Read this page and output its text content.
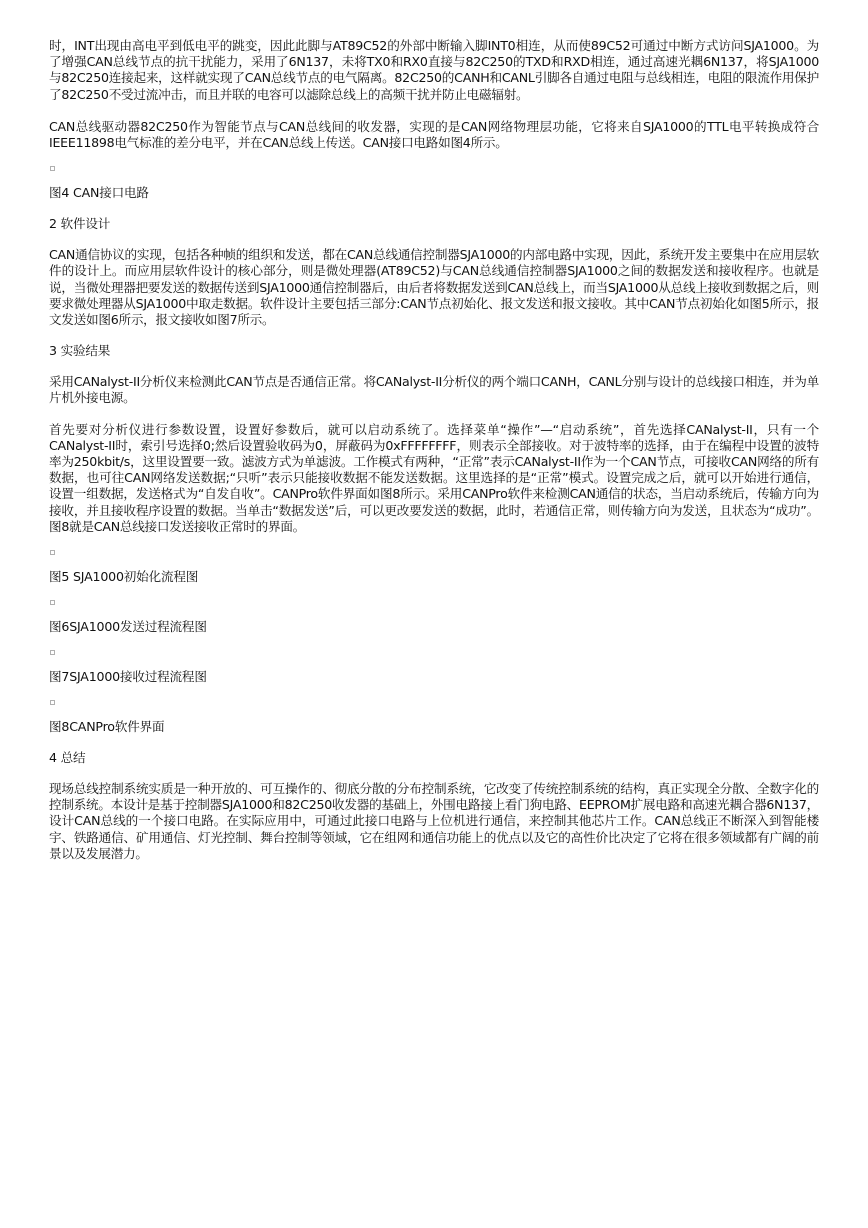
时，INT出现由高电平到低电平的跳变，因此此脚与AT89C52的外部中断输入脚INT0相连，从而使89C52可通过中断方式访问SJA1000。为了增强CAN总线节点的抗干扰能力，采用了6N137，未将TX0和RX0直接与82C250的TXD和RXD相连，通过高速光耦6N137，将SJA1000与82C250连接起来，这样就实现了CAN总线节点的电气隔离。82C250的CANH和CANL引脚各自通过电阻与总线相连，电阻的限流作用保护了82C250不受过流冲击，而且并联的电容可以滤除总线上的高频干扰并防止电磁辐射。

CAN总线驱动器82C250作为智能节点与CAN总线间的收发器，实现的是CAN网络物理层功能，它将来自SJA1000的TTL电平转换成符合IEEE11898电气标准的差分电平，并在CAN总线上传送。CAN接口电路如图4所示。

图4 CAN接口电路

2 软件设计

CAN通信协议的实现，包括各种帧的组织和发送，都在CAN总线通信控制器SJA1000的内部电路中实现，因此，系统开发主要集中在应用层软件的设计上。而应用层软件设计的核心部分，则是微处理器(AT89C52)与CAN总线通信控制器SJA1000之间的数据发送和接收程序。也就是说，当微处理器把要发送的数据传送到SJA1000通信控制器后，由后者将数据发送到CAN总线上，而当SJA1000从总线上接收到数据之后，则要求微处理器从SJA1000中取走数据。软件设计主要包括三部分:CAN节点初始化、报文发送和报文接收。其中CAN节点初始化如图5所示，报文发送如图6所示，报文接收如图7所示。

3 实验结果

采用CANalyst-II分析仪来检测此CAN节点是否通信正常。将CANalyst-II分析仪的两个端口CANH，CANL分别与设计的总线接口相连，并为单片机外接电源。

首先要对分析仪进行参数设置，设置好参数后，就可以启动系统了。选择菜单“操作”—“启动系统”，首先选择CANalyst-II，只有一个CANalyst-II时，索引号选择0;然后设置验收码为0，屏蔽码为0xFFFFFFFF，则表示全部接收。对于波特率的选择，由于在编程中设置的波特率为250kbit/s，这里设置要一致。滤波方式为单滤波。工作模式有两种，“正常”表示CANalyst-II作为一个CAN节点，可接收CAN网络的所有数据，也可往CAN网络发送数据;“只听”表示只能接收数据不能发送数据。这里选择的是“正常”模式。设置完成之后，就可以开始进行通信，设置一组数据，发送格式为“自发自收”。CANPro软件界面如图8所示。采用CANPro软件来检测CAN通信的状态，当启动系统后，传输方向为接收，并且接收程序设置的数据。当单击“数据发送”后，可以更改要发送的数据，此时，若通信正常，则传输方向为发送，且状态为“成功”。图8就是CAN总线接口发送接收正常时的界面。

图5 SJA1000初始化流程图

图6SJA1000发送过程流程图

图7SJA1000接收过程流程图

图8CANPro软件界面

4 总结

现场总线控制系统实质是一种开放的、可互操作的、彻底分散的分布控制系统，它改变了传统控制系统的结构，真正实现全分散、全数字化的控制系统。本设计是基于控制器SJA1000和82C250收发器的基础上，外围电路接上看门狗电路、EEPROM扩展电路和高速光耦合器6N137，设计CAN总线的一个接口电路。在实际应用中，可通过此接口电路与上位机进行通信，来控制其他芯片工作。CAN总线正不断深入到智能楼宇、铁路通信、矿用通信、灯光控制、舞台控制等领域，它在组网和通信功能上的优点以及它的高性价比决定了它将在很多领域都有广阔的前景以及发展潜力。
